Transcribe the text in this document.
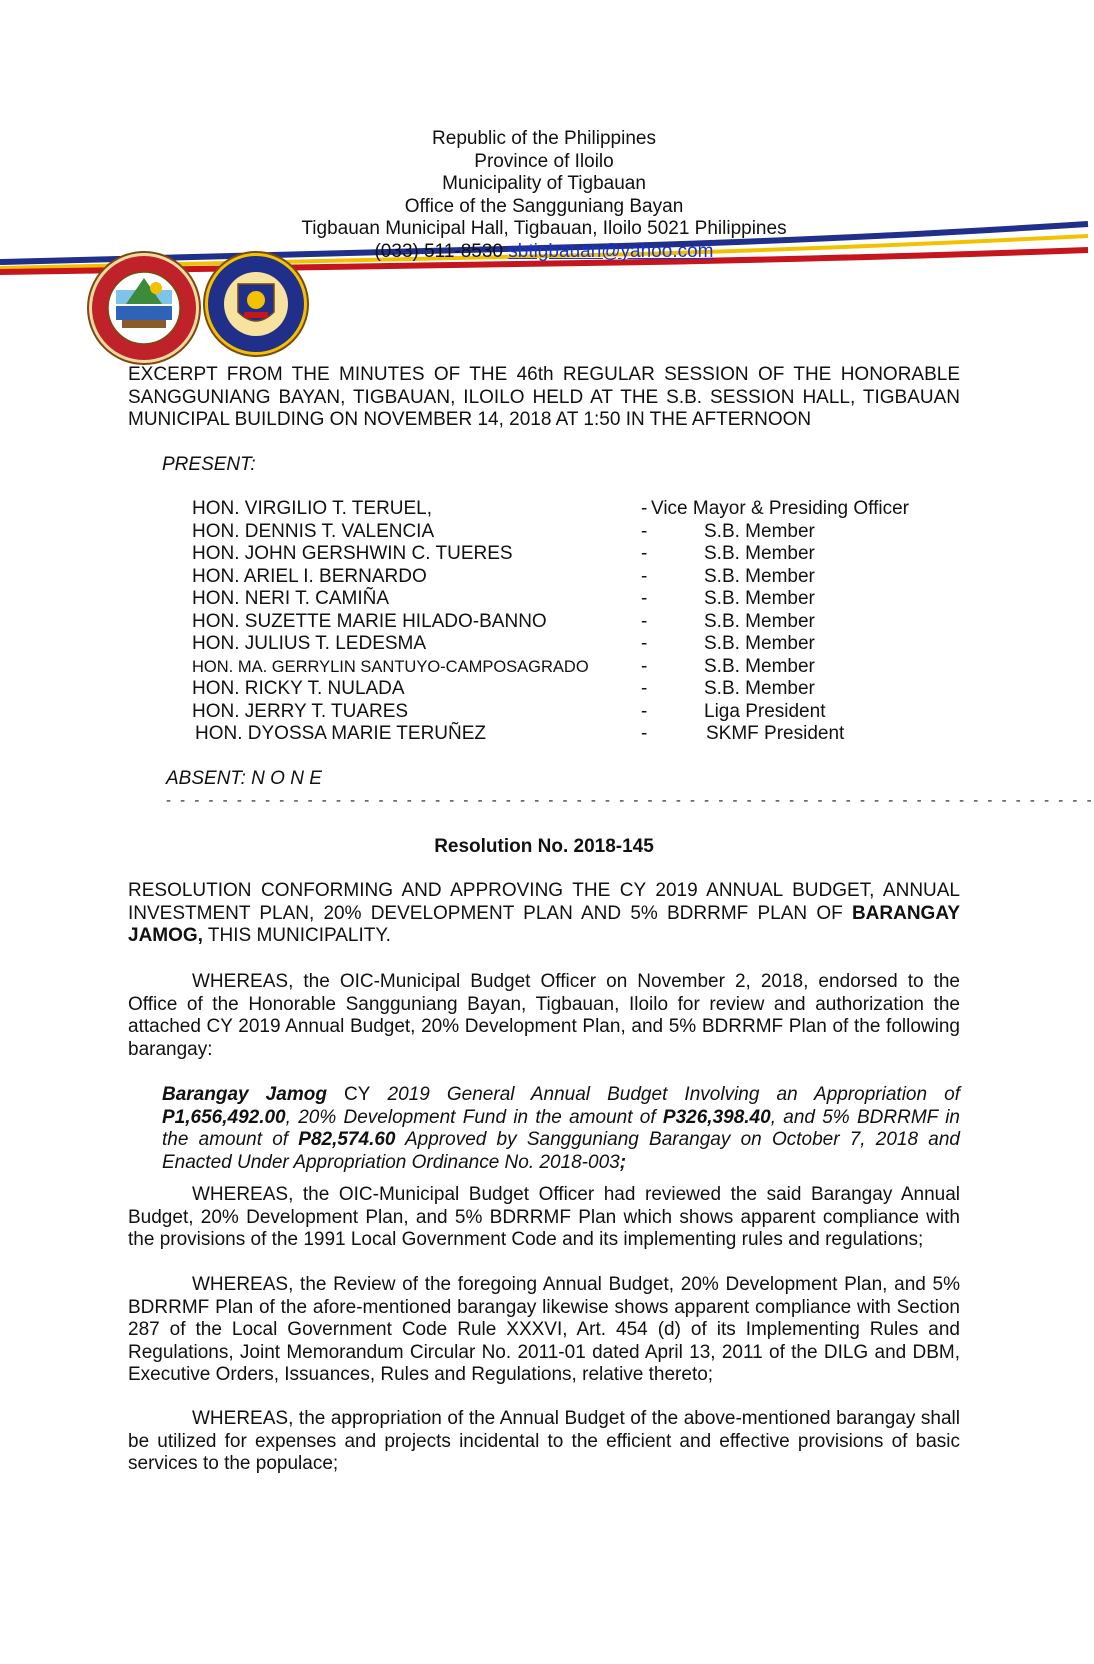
Republic of the Philippines
Province of Iloilo
Municipality of Tigbauan
Office of the Sangguniang Bayan
Tigbauan Municipal Hall, Tigbauan, Iloilo 5021 Philippines
(033) 511-8530 sbtigbauan@yahoo.com
EXCERPT FROM THE MINUTES OF THE 46th REGULAR SESSION OF THE HONORABLE SANGGUNIANG BAYAN, TIGBAUAN, ILOILO HELD AT THE S.B. SESSION HALL, TIGBAUAN MUNICIPAL BUILDING ON NOVEMBER 14, 2018 AT 1:50 IN THE AFTERNOON
PRESENT:
HON. VIRGILIO T. TERUEL,	- Vice Mayor & Presiding Officer
HON. DENNIS T. VALENCIA	-	S.B. Member
HON. JOHN GERSHWIN C. TUERES	-	S.B. Member
HON. ARIEL I. BERNARDO	-	S.B. Member
HON. NERI T. CAMIÑA	-	S.B. Member
HON. SUZETTE MARIE HILADO-BANNO	-	S.B. Member
HON. JULIUS T. LEDESMA	-	S.B. Member
HON. MA. GERRYLIN SANTUYO-CAMPOSAGRADO	-	S.B. Member
HON. RICKY T. NULADA	-	S.B. Member
HON. JERRY T. TUARES	-	Liga President
HON. DYOSSA MARIE TERUÑEZ	-	SKMF President
ABSENT: N O N E
- - - - - - - - - - - - - - - - - - - - - - - - - - - - - - - - - - - - - - - - - - - - - - - - - - - - - - - - - - - - - - - - - -
Resolution No. 2018-145
RESOLUTION CONFORMING AND APPROVING THE CY 2019 ANNUAL BUDGET, ANNUAL INVESTMENT PLAN, 20% DEVELOPMENT PLAN AND 5% BDRRMF PLAN OF BARANGAY JAMOG, THIS MUNICIPALITY.
WHEREAS, the OIC-Municipal Budget Officer on November 2, 2018, endorsed to the Office of the Honorable Sangguniang Bayan, Tigbauan, Iloilo for review and authorization the attached CY 2019 Annual Budget, 20% Development Plan, and 5% BDRRMF Plan of the following barangay:
Barangay Jamog CY 2019 General Annual Budget Involving an Appropriation of P1,656,492.00, 20% Development Fund in the amount of P326,398.40, and 5% BDRRMF in the amount of P82,574.60 Approved by Sangguniang Barangay on October 7, 2018 and Enacted Under Appropriation Ordinance No. 2018-003;
WHEREAS, the OIC-Municipal Budget Officer had reviewed the said Barangay Annual Budget, 20% Development Plan, and 5% BDRRMF Plan which shows apparent compliance with the provisions of the 1991 Local Government Code and its implementing rules and regulations;
WHEREAS, the Review of the foregoing Annual Budget, 20% Development Plan, and 5% BDRRMF Plan of the afore-mentioned barangay likewise shows apparent compliance with Section 287 of the Local Government Code Rule XXXVI, Art. 454 (d) of its Implementing Rules and Regulations, Joint Memorandum Circular No. 2011-01 dated April 13, 2011 of the DILG and DBM, Executive Orders, Issuances, Rules and Regulations, relative thereto;
WHEREAS, the appropriation of the Annual Budget of the above-mentioned barangay shall be utilized for expenses and projects incidental to the efficient and effective provisions of basic services to the populace;
